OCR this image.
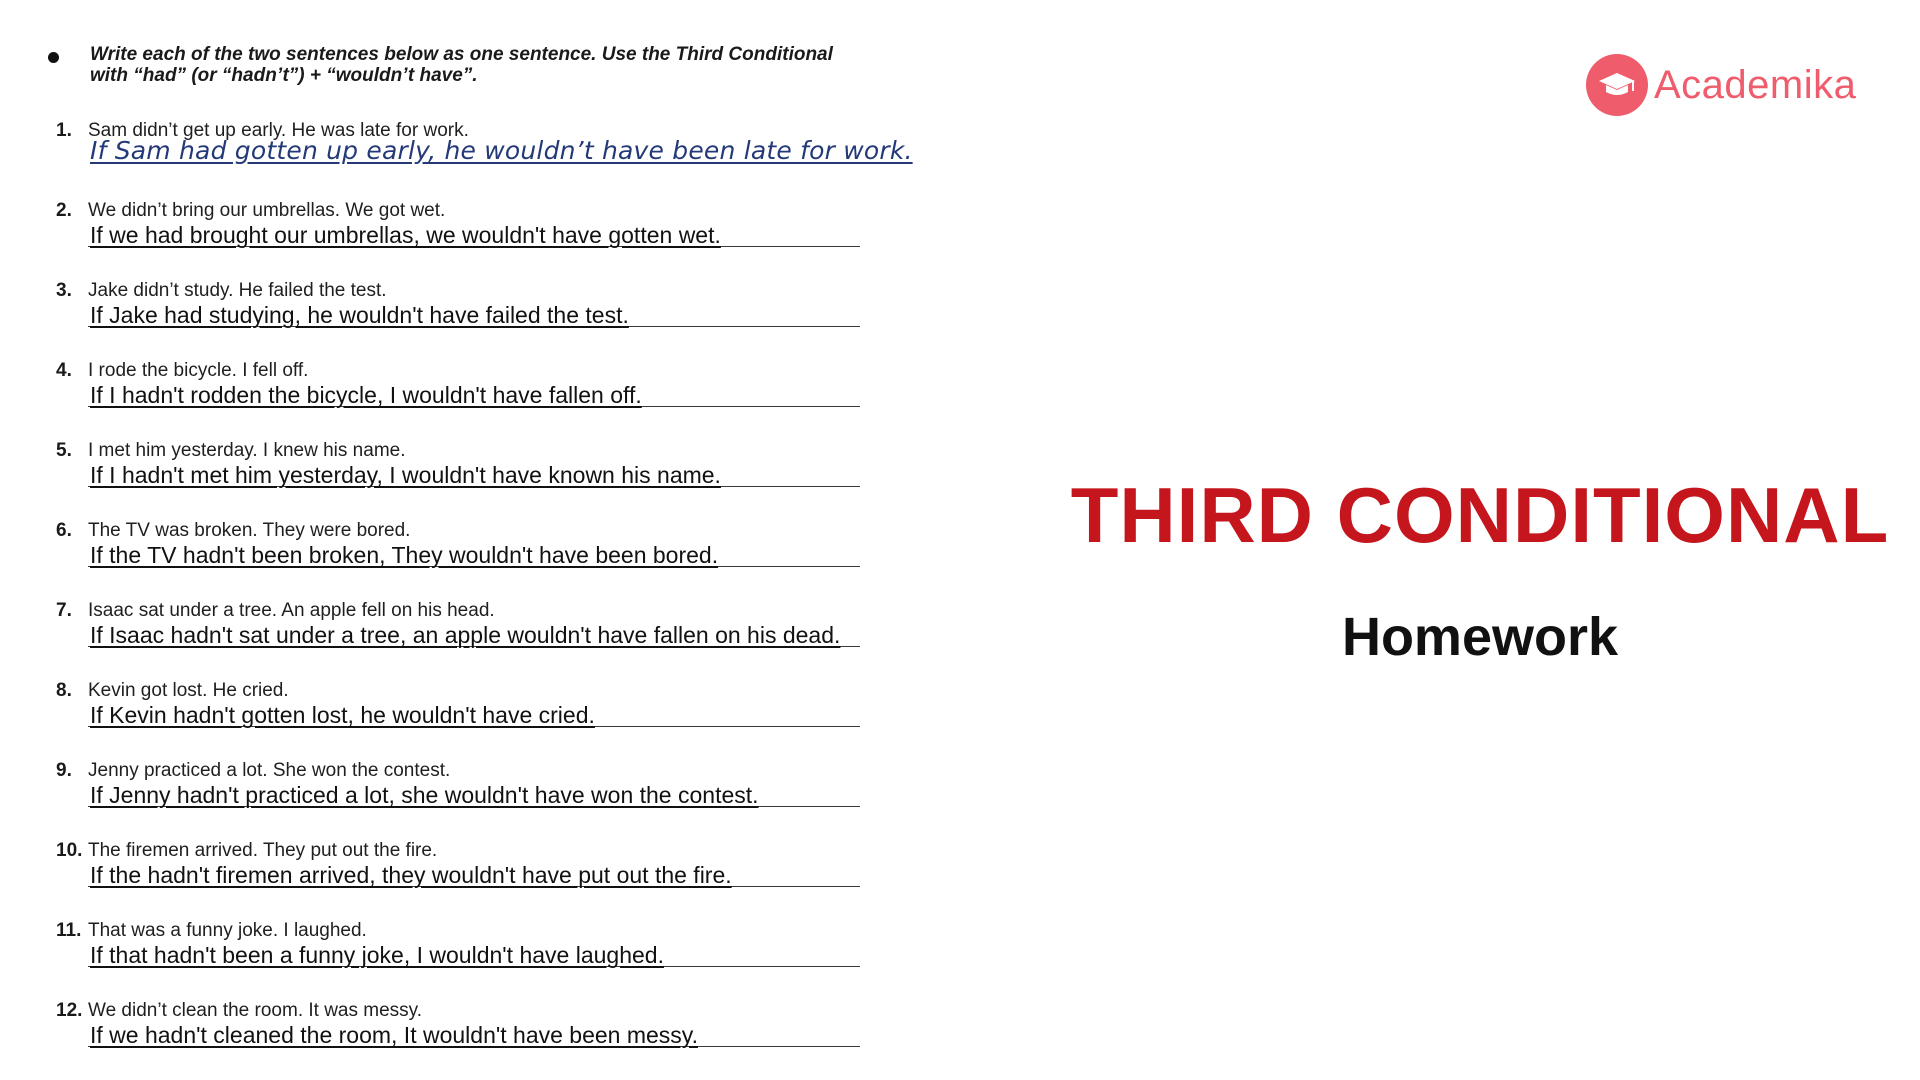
Write each of the two sentences below as one sentence. Use the Third Conditional
with “had” (or “hadn’t”) + “wouldn’t have”.
1. Sam didn’t get up early. He was late for work.
If Sam had gotten up early, he wouldn’t have been late for work.
2. We didn’t bring our umbrellas. We got wet.
If we had brought our umbrellas, we wouldn't have gotten wet.
3. Jake didn’t study. He failed the test.
If Jake had studying, he wouldn't have failed the test.
4. I rode the bicycle. I fell off.
If I hadn't rodden the bicycle, I wouldn't have fallen off.
5. I met him yesterday. I knew his name.
If I hadn't met him yesterday, I wouldn't have known his name.
6. The TV was broken. They were bored.
If the TV hadn't been broken, They wouldn't have been bored.
7. Isaac sat under a tree. An apple fell on his head.
If Isaac hadn't sat under a tree, an apple wouldn't have fallen on his dead.
8. Kevin got lost. He cried.
If Kevin hadn't gotten lost, he wouldn't have cried.
9. Jenny practiced a lot. She won the contest.
If Jenny hadn't practiced a lot, she wouldn't have won the contest.
10. The firemen arrived. They put out the fire.
If the hadn't firemen arrived, they wouldn't have put out the fire.
11. That was a funny joke. I laughed.
If that hadn't been a funny joke, I wouldn't have laughed.
12. We didn’t clean the room. It was messy.
If we hadn't cleaned the room, It wouldn't have been messy.
Academika
THIRD CONDITIONAL
Homework
